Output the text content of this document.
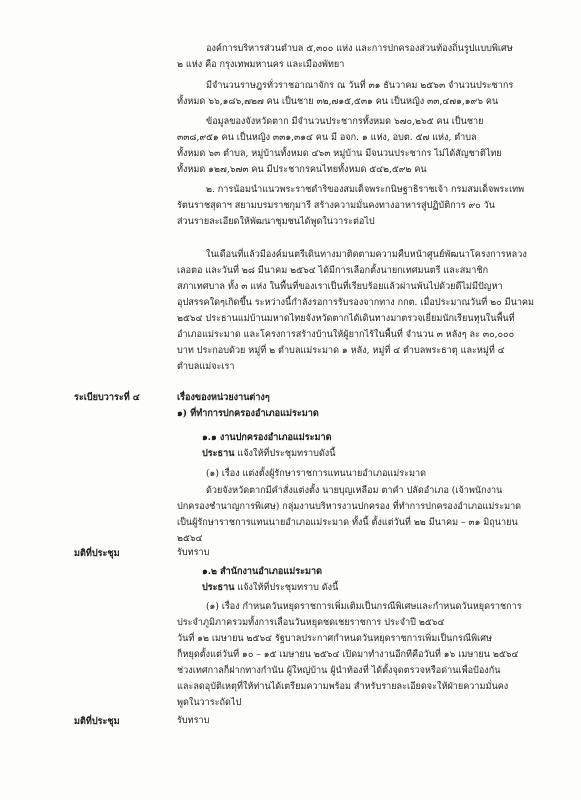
องค์การบริหารส่วนตำบล ๕,๓๐๐ แห่ง และการปกครองส่วนท้องถิ่นรูปแบบพิเศษ
๒ แห่ง คือ กรุงเทพมหานคร และเมืองพัทยา
มีจำนวนราษฎรทั่วราชอาณาจักร ณ วันที่ ๓๑ ธันวาคม ๒๕๖๓ จำนวนประชากร
ทั้งหมด ๖๖,๑๘๖,๗๒๗ คน เป็นชาย ๓๒,๗๑๕,๕๓๑ คน เป็นหญิง ๓๓,๔๗๑,๑๙๖ คน
ข้อมูลของจังหวัดตาก มีจำนวนประชากรทั้งหมด ๖๗๐,๒๖๕ คน เป็นชาย
๓๓๘,๙๕๑ คน เป็นหญิง ๓๓๑,๓๑๔ คน มี อจก. ๑ แห่ง, อบต. ๕๗ แห่ง, ตำบล
ทั้งหมด ๖๓ ตำบล, หมู่บ้านทั้งหมด ๔๖๓ หมู่บ้าน มีจนวนประชากร ไม่ได้สัญชาติไทย
ทั้งหมด ๑๒๗,๖๗๓ คน มีประชากรคนไทยทั้งหมด ๕๔๒,๕๙๒ คน
๒. การน้อมนำแนวพระราชดำริของสมเด็จพระกนิษฐาธิราชเจ้า กรมสมเด็จพระเทพ
รัตนราชสุดาฯ สยามบรมราชกุมารี สร้างความมั่นคงทางอาหารสู่ปฏิบัติการ ๙๐ วัน
ส่วนรายละเอียดให้พัฒนาชุมชนได้พูดในวาระต่อไป
ในเดือนที่แล้วมีองค์มนตรีเดินทางมาติดตามความคืบหน้าศูนย์พัฒนาโครงการหลวง
เลอตอ และวันที่ ๒๘ มีนาคม ๒๕๖๔ ได้มีการเลือกตั้งนายกเทศมนตรี และสมาชิก
สภาเทศบาล ทั้ง ๓ แห่ง ในพื้นที่ของเราเป็นที่เรียบร้อยแล้วผ่านพ้นไปด้วยดีไม่มีปัญหา
อุปสรรคใดๆเกิดขึ้น ระหว่างนี้กำลังรอการรับรองจากทาง กกต. เมื่อประมาณวันที่ ๒๐ มีนาคม
๒๕๖๔ ประธานแม่บ้านมหาดไทยจังหวัดตากได้เดินทางมาตรวจเยี่ยมนักเรียนทุนในพื้นที่
อำเภอแม่ระมาด และโครงการสร้างบ้านให้ผู้ยากไร้ในพื้นที่ จำนวน ๓ หลังๆ ละ ๓๐,๐๐๐
บาท ประกอบด้วย หมู่ที่ ๒ ตำบลแม่ระมาด ๑ หลัง, หมู่ที่ ๔ ตำบลพระธาตุ และหมู่ที่ ๔
ตำบลแม่จะเรา
ระเบียบวาระที่ ๔	เรื่องของหน่วยงานต่างๆ
๑) ที่ทำการปกครองอำเภอแม่ระมาด
๑.๑ งานปกครองอำเภอแม่ระมาด
ประธาน แจ้งให้ที่ประชุมทราบดังนี้
(๑) เรื่อง แต่งตั้งผู้รักษาราชการแทนนายอำเภอแม่ระมาด
ด้วยจังหวัดตากมีคำสั่งแต่งตั้ง นายบุญเหลือม ตาคำ ปลัดอำเภอ (เจ้าพนักงาน
ปกครองชำนาญการพิเศษ) กลุ่มงานบริหารงานปกครอง ที่ทำการปกครองอำเภอแม่ระมาด
เป็นผู้รักษาราชการแทนนายอำเภอแม่ระมาด ทั้งนี้ ตั้งแต่วันที่ ๒๒ มีนาคม – ๓๑ มิถุนายน
๒๕๖๔
มติที่ประชุม	รับทราบ
๑.๒ สำนักงานอำเภอแม่ระมาด
ประธาน แจ้งให้ที่ประชุมทราบ ดังนี้
(๑) เรื่อง กำหนดวันหยุดราชการเพิ่มเติมเป็นกรณีพิเศษและกำหนดวันหยุดราชการ
ประจำภูมิภาครวมทั้งการเลื่อนวันหยุดชดเชยราชการ ประจำปี ๒๕๖๔
วันที่ ๑๒ เมษายน ๒๕๖๔ รัฐบาลประกาศกำหนดวันหยุดราชการเพิ่มเป็นกรณีพิเศษ
ก็หยุดตั้งแต่วันที่ ๑๐ – ๑๕ เมษายน ๒๕๖๔ เปิดมาทำงานอีกทีคือวันที่ ๑๖ เมษายน ๒๕๖๔
ช่วงเทศกาลก็ฝากทางกำนัน ผู้ใหญ่บ้าน ผู้นำท้องที่ ได้ตั้งจุดตรวจหรือด่านเพื่อป้องกัน
และลดอุบัติเหตุที่ให้ท่านได้เตรียมความพร้อม สำหรับรายละเอียดจะให้ฝ่ายความมั่นคง
พูดในวาระถัดไป
มติที่ประชุม	รับทราบ
